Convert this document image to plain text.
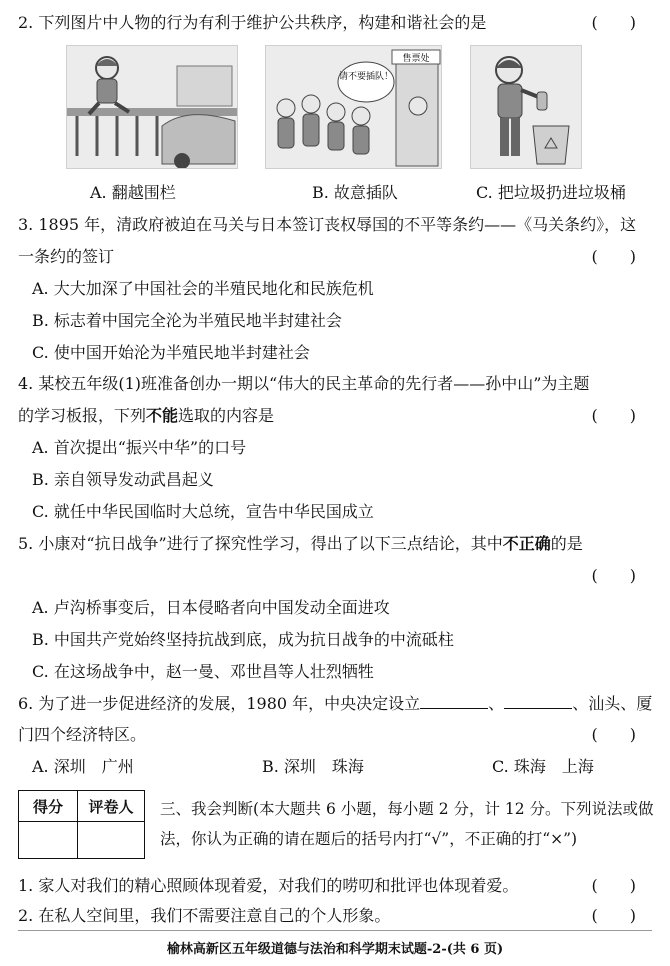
2. 下列图片中人物的行为有利于维护公共秩序，构建和谐社会的是	(　　)
售票处
请不要插队！
A. 翻越围栏	B. 故意插队	C. 把垃圾扔进垃圾桶
3. 1895 年，清政府被迫在马关与日本签订丧权辱国的不平等条约——《马关条约》，这
一条约的签订	(　　)
A. 大大加深了中国社会的半殖民地化和民族危机
B. 标志着中国完全沦为半殖民地半封建社会
C. 使中国开始沦为半殖民地半封建社会
4. 某校五年级(1)班准备创办一期以“伟大的民主革命的先行者——孙中山”为主题
的学习板报，下列不能选取的内容是	(　　)
A. 首次提出“振兴中华”的口号
B. 亲自领导发动武昌起义
C. 就任中华民国临时大总统，宣告中华民国成立
5. 小康对“抗日战争”进行了探究性学习，得出了以下三点结论，其中不正确的是
(　　)
A. 卢沟桥事变后，日本侵略者向中国发动全面进攻
B. 中国共产党始终坚持抗战到底，成为抗日战争的中流砥柱
C. 在这场战争中，赵一曼、邓世昌等人壮烈牺牲
6. 为了进一步促进经济的发展，1980 年，中央决定设立	、	、汕头、厦
门四个经济特区。	(　　)
A. 深圳　广州	B. 深圳　珠海	C. 珠海　上海
得分	评卷人
	三、我会判断(本大题共 6 小题，每小题 2 分，计 12 分。下列说法或做
法，你认为正确的请在题后的括号内打“√”，不正确的打“×”)
1. 家人对我们的精心照顾体现着爱，对我们的唠叨和批评也体现着爱。	(　　)
2. 在私人空间里，我们不需要注意自己的个人形象。	(　　)
榆林高新区五年级道德与法治和科学期末试题-2-(共 6 页)
